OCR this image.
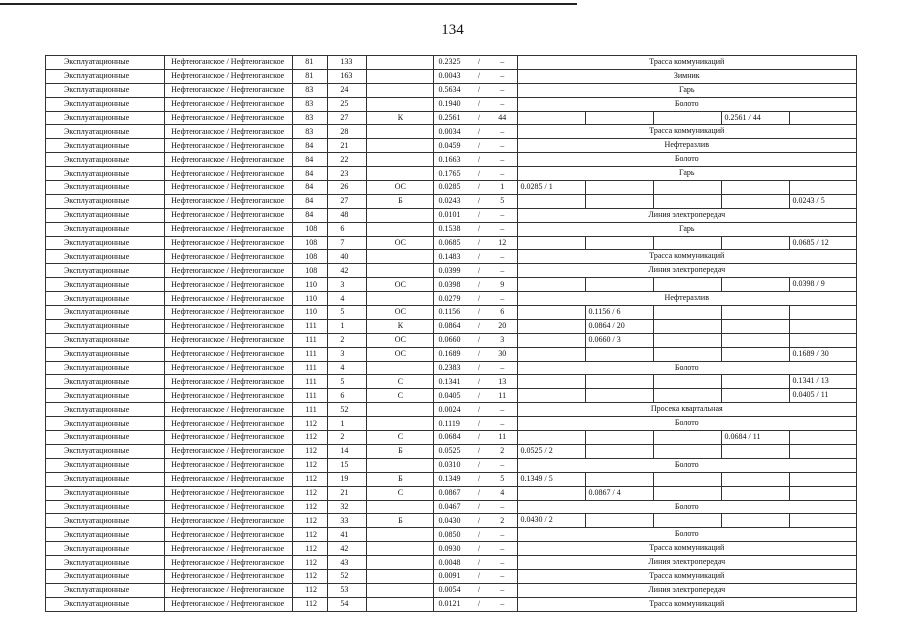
134
Эксплуатационные	Нефтеюганское / Нефтеюганское	81	133		0.2325	/	–	Трасса коммуникаций

Эксплуатационные	Нефтеюганское / Нефтеюганское	81	163		0.0043	/	–	Зимник

Эксплуатационные	Нефтеюганское / Нефтеюганское	83	24		0.5634	/	–	Гарь

Эксплуатационные	Нефтеюганское / Нефтеюганское	83	25		0.1940	/	–	Болото

Эксплуатационные	Нефтеюганское / Нефтеюганское	83	27	К	0.2561	/	44	0.2561 / 44

Эксплуатационные	Нефтеюганское / Нефтеюганское	83	28		0.0034	/	–	Трасса коммуникаций

Эксплуатационные	Нефтеюганское / Нефтеюганское	84	21		0.0459	/	–	Нефтеразлив

Эксплуатационные	Нефтеюганское / Нефтеюганское	84	22		0.1663	/	–	Болото

Эксплуатационные	Нефтеюганское / Нефтеюганское	84	23		0.1765	/	–	Гарь

Эксплуатационные	Нефтеюганское / Нефтеюганское	84	26	ОС	0.0285	/	1	0.0285 / 1

Эксплуатационные	Нефтеюганское / Нефтеюганское	84	27	Б	0.0243	/	5	0.0243 / 5

Эксплуатационные	Нефтеюганское / Нефтеюганское	84	48		0.0101	/	–	Линия электропередач

Эксплуатационные	Нефтеюганское / Нефтеюганское	108	6		0.1538	/	–	Гарь

Эксплуатационные	Нефтеюганское / Нефтеюганское	108	7	ОС	0.0685	/	12	0.0685 / 12

Эксплуатационные	Нефтеюганское / Нефтеюганское	108	40		0.1483	/	–	Трасса коммуникаций

Эксплуатационные	Нефтеюганское / Нефтеюганское	108	42		0.0399	/	–	Линия электропередач

Эксплуатационные	Нефтеюганское / Нефтеюганское	110	3	ОС	0.0398	/	9	0.0398 / 9

Эксплуатационные	Нефтеюганское / Нефтеюганское	110	4		0.0279	/	–	Нефтеразлив

Эксплуатационные	Нефтеюганское / Нефтеюганское	110	5	ОС	0.1156	/	6	0.1156 / 6

Эксплуатационные	Нефтеюганское / Нефтеюганское	111	1	К	0.0864	/	20	0.0864 / 20

Эксплуатационные	Нефтеюганское / Нефтеюганское	111	2	ОС	0.0660	/	3	0.0660 / 3

Эксплуатационные	Нефтеюганское / Нефтеюганское	111	3	ОС	0.1689	/	30	0.1689 / 30

Эксплуатационные	Нефтеюганское / Нефтеюганское	111	4		0.2383	/	–	Болото

Эксплуатационные	Нефтеюганское / Нефтеюганское	111	5	С	0.1341	/	13	0.1341 / 13

Эксплуатационные	Нефтеюганское / Нефтеюганское	111	6	С	0.0405	/	11	0.0405 / 11

Эксплуатационные	Нефтеюганское / Нефтеюганское	111	52		0.0024	/	–	Просека квартальная

Эксплуатационные	Нефтеюганское / Нефтеюганское	112	1		0.1119	/	–	Болото

Эксплуатационные	Нефтеюганское / Нефтеюганское	112	2	С	0.0684	/	11	0.0684 / 11

Эксплуатационные	Нефтеюганское / Нефтеюганское	112	14	Б	0.0525	/	2	0.0525 / 2

Эксплуатационные	Нефтеюганское / Нефтеюганское	112	15		0.0310	/	–	Болото

Эксплуатационные	Нефтеюганское / Нефтеюганское	112	19	Б	0.1349	/	5	0.1349 / 5

Эксплуатационные	Нефтеюганское / Нефтеюганское	112	21	С	0.0867	/	4	0.0867 / 4

Эксплуатационные	Нефтеюганское / Нефтеюганское	112	32		0.0467	/	–	Болото

Эксплуатационные	Нефтеюганское / Нефтеюганское	112	33	Б	0.0430	/	2	0.0430 / 2

Эксплуатационные	Нефтеюганское / Нефтеюганское	112	41		0.0850	/	–	Болото

Эксплуатационные	Нефтеюганское / Нефтеюганское	112	42		0.0930	/	–	Трасса коммуникаций

Эксплуатационные	Нефтеюганское / Нефтеюганское	112	43		0.0048	/	–	Линия электропередач

Эксплуатационные	Нефтеюганское / Нефтеюганское	112	52		0.0091	/	–	Трасса коммуникаций

Эксплуатационные	Нефтеюганское / Нефтеюганское	112	53		0.0054	/	–	Линия электропередач

Эксплуатационные	Нефтеюганское / Нефтеюганское	112	54		0.0121	/	–	Трасса коммуникаций
